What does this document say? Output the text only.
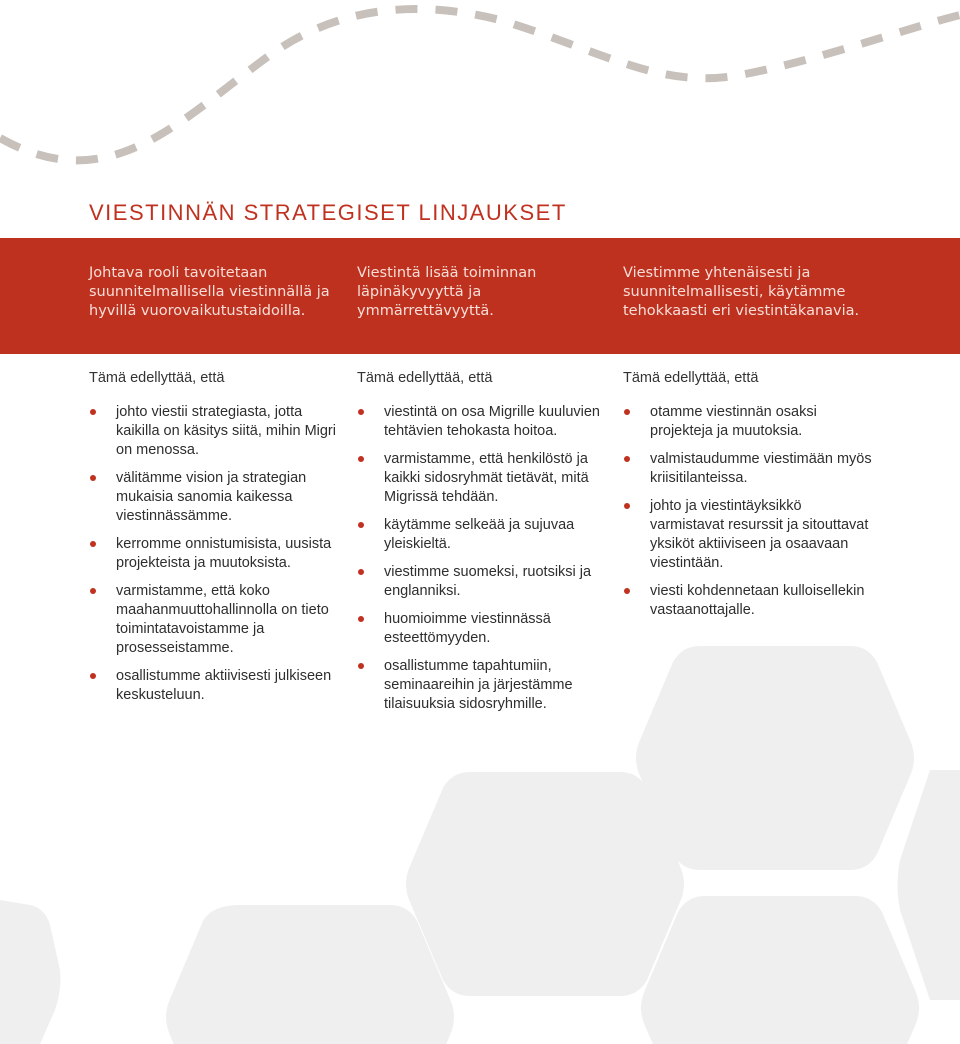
VIESTINNÄN STRATEGISET LINJAUKSET
Johtava rooli tavoitetaan suunnitelmallisella viestinnällä ja hyvillä vuorovaikutustaidoilla.
Viestintä lisää toiminnan läpinäkyvyyttä ja ymmärrettävyyttä.
Viestimme yhtenäisesti ja suunnitelmallisesti, käytämme tehokkaasti eri viestintäkanavia.

Tämä edellyttää, että

johto viestii strategiasta, jotta kaikilla on käsitys siitä, mihin Migri on menossa.
välitämme vision ja strategian mukaisia sanomia kaikessa viestinnässämme.
kerromme onnistumisista, uusista projekteista ja muutoksista.
varmistamme, että koko maahanmuuttohallinnolla on tieto toimintatavoistamme ja prosesseistamme.
osallistumme aktiivisesti julkiseen keskusteluun.

Tämä edellyttää, että

viestintä on osa Migrille kuuluvien tehtävien tehokasta hoitoa.
varmistamme, että henkilöstö ja kaikki sidosryhmät tietävät, mitä Migrissä tehdään.
käytämme selkeää ja sujuvaa yleiskieltä.
viestimme suomeksi, ruotsiksi ja englanniksi.
huomioimme viestinnässä esteettömyyden.
osallistumme tapahtumiin, seminaareihin ja järjestämme tilaisuuksia sidosryhmille.

Tämä edellyttää, että

otamme viestinnän osaksi projekteja ja muutoksia.
valmistaudumme viestimään myös kriisitilanteissa.
johto ja viestintäyksikkö varmistavat resurssit ja sitouttavat yksiköt aktiiviseen ja osaavaan viestintään.
viesti kohdennetaan kulloisellekin vastaanottajalle.
